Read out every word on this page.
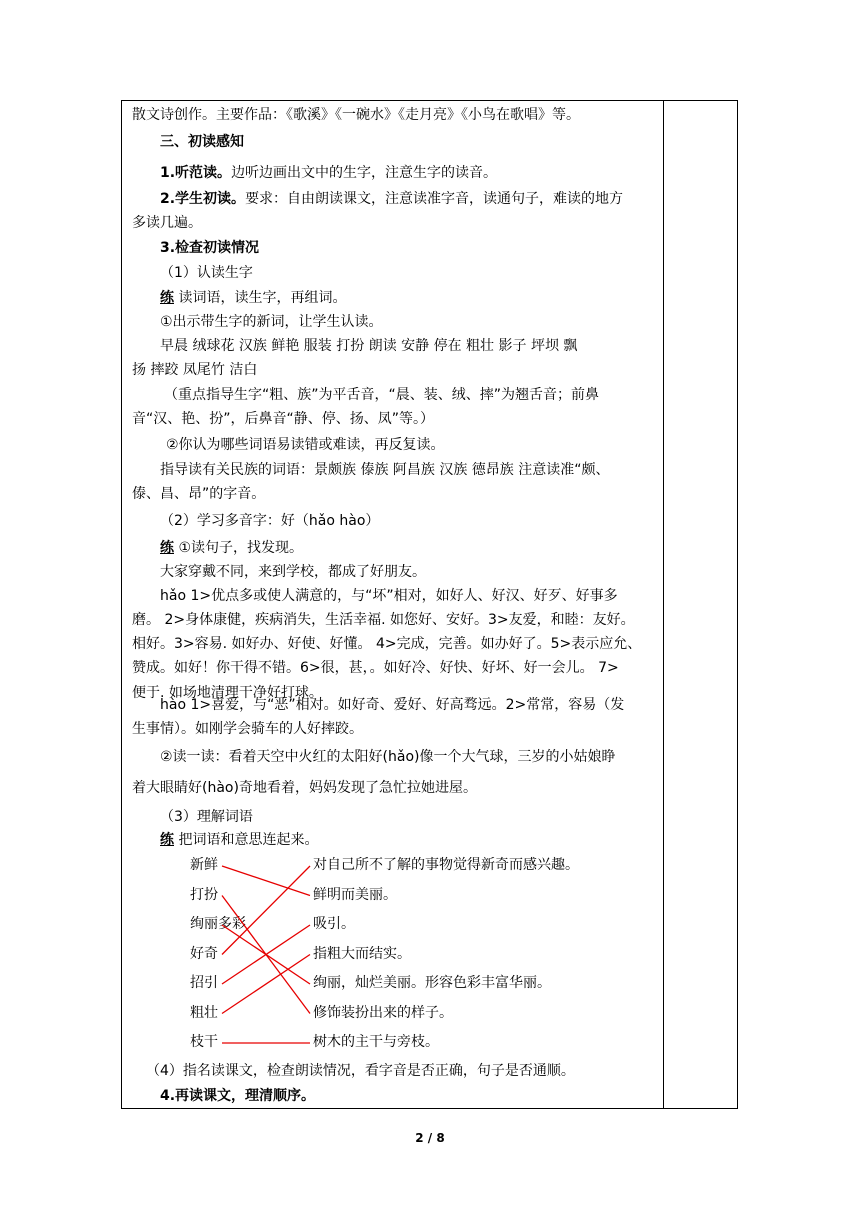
散文诗创作。主要作品：《歌溪》《一碗水》《走月亮》《小鸟在歌唱》等。
三、初读感知
1.听范读。边听边画出文中的生字，注意生字的读音。
2.学生初读。要求：自由朗读课文，注意读准字音，读通句子，难读的地方
多读几遍。
3.检查初读情况
（1）认读生字
练 读词语，读生字，再组词。
①出示带生字的新词，让学生认读。
早晨 绒球花 汉族 鲜艳 服装 打扮 朗读 安静 停在 粗壮 影子 坪坝 飘
扬 摔跤 凤尾竹 洁白
（重点指导生字“粗、族”为平舌音，“晨、装、绒、摔”为翘舌音；前鼻
音“汉、艳、扮”，后鼻音“静、停、扬、凤”等。）
②你认为哪些词语易读错或难读，再反复读。
指导读有关民族的词语：景颇族 傣族 阿昌族 汉族 德昂族 注意读准“颇、
傣、昌、昂”的字音。
（2）学习多音字：好（hǎo hào）
练 ①读句子，找发现。
大家穿戴不同，来到学校，都成了好朋友。
hǎo 1>优点多或使人满意的，与“坏”相对，如好人、好汉、好歹、好事多
磨。 2>身体康健，疾病消失，生活幸福. 如您好、安好。3>友爱，和睦：友好。
相好。3>容易. 如好办、好使、好懂。 4>完成，完善。如办好了。5>表示应允、
赞成。如好！你干得不错。6>很，甚，。如好冷、好快、好坏、好一会儿。 7>
便于. 如场地清理干净好打球。
hào 1>喜爱，与“恶”相对。如好奇、爱好、好高骛远。2>常常，容易（发
生事情）。如刚学会骑车的人好摔跤。
②读一读：看着天空中火红的太阳好(hǎo)像一个大气球，三岁的小姑娘睁
着大眼睛好(hào)奇地看着，妈妈发现了急忙拉她进屋。
（3）理解词语
练 把词语和意思连起来。
新鲜
打扮
绚丽多彩
好奇
招引
粗壮
枝干
对自己所不了解的事物觉得新奇而感兴趣。
鲜明而美丽。
吸引。
指粗大而结实。
绚丽，灿烂美丽。形容色彩丰富华丽。
修饰装扮出来的样子。
树木的主干与旁枝。
（4）指名读课文，检查朗读情况，看字音是否正确，句子是否通顺。
4.再读课文，理清顺序。
2 / 8
